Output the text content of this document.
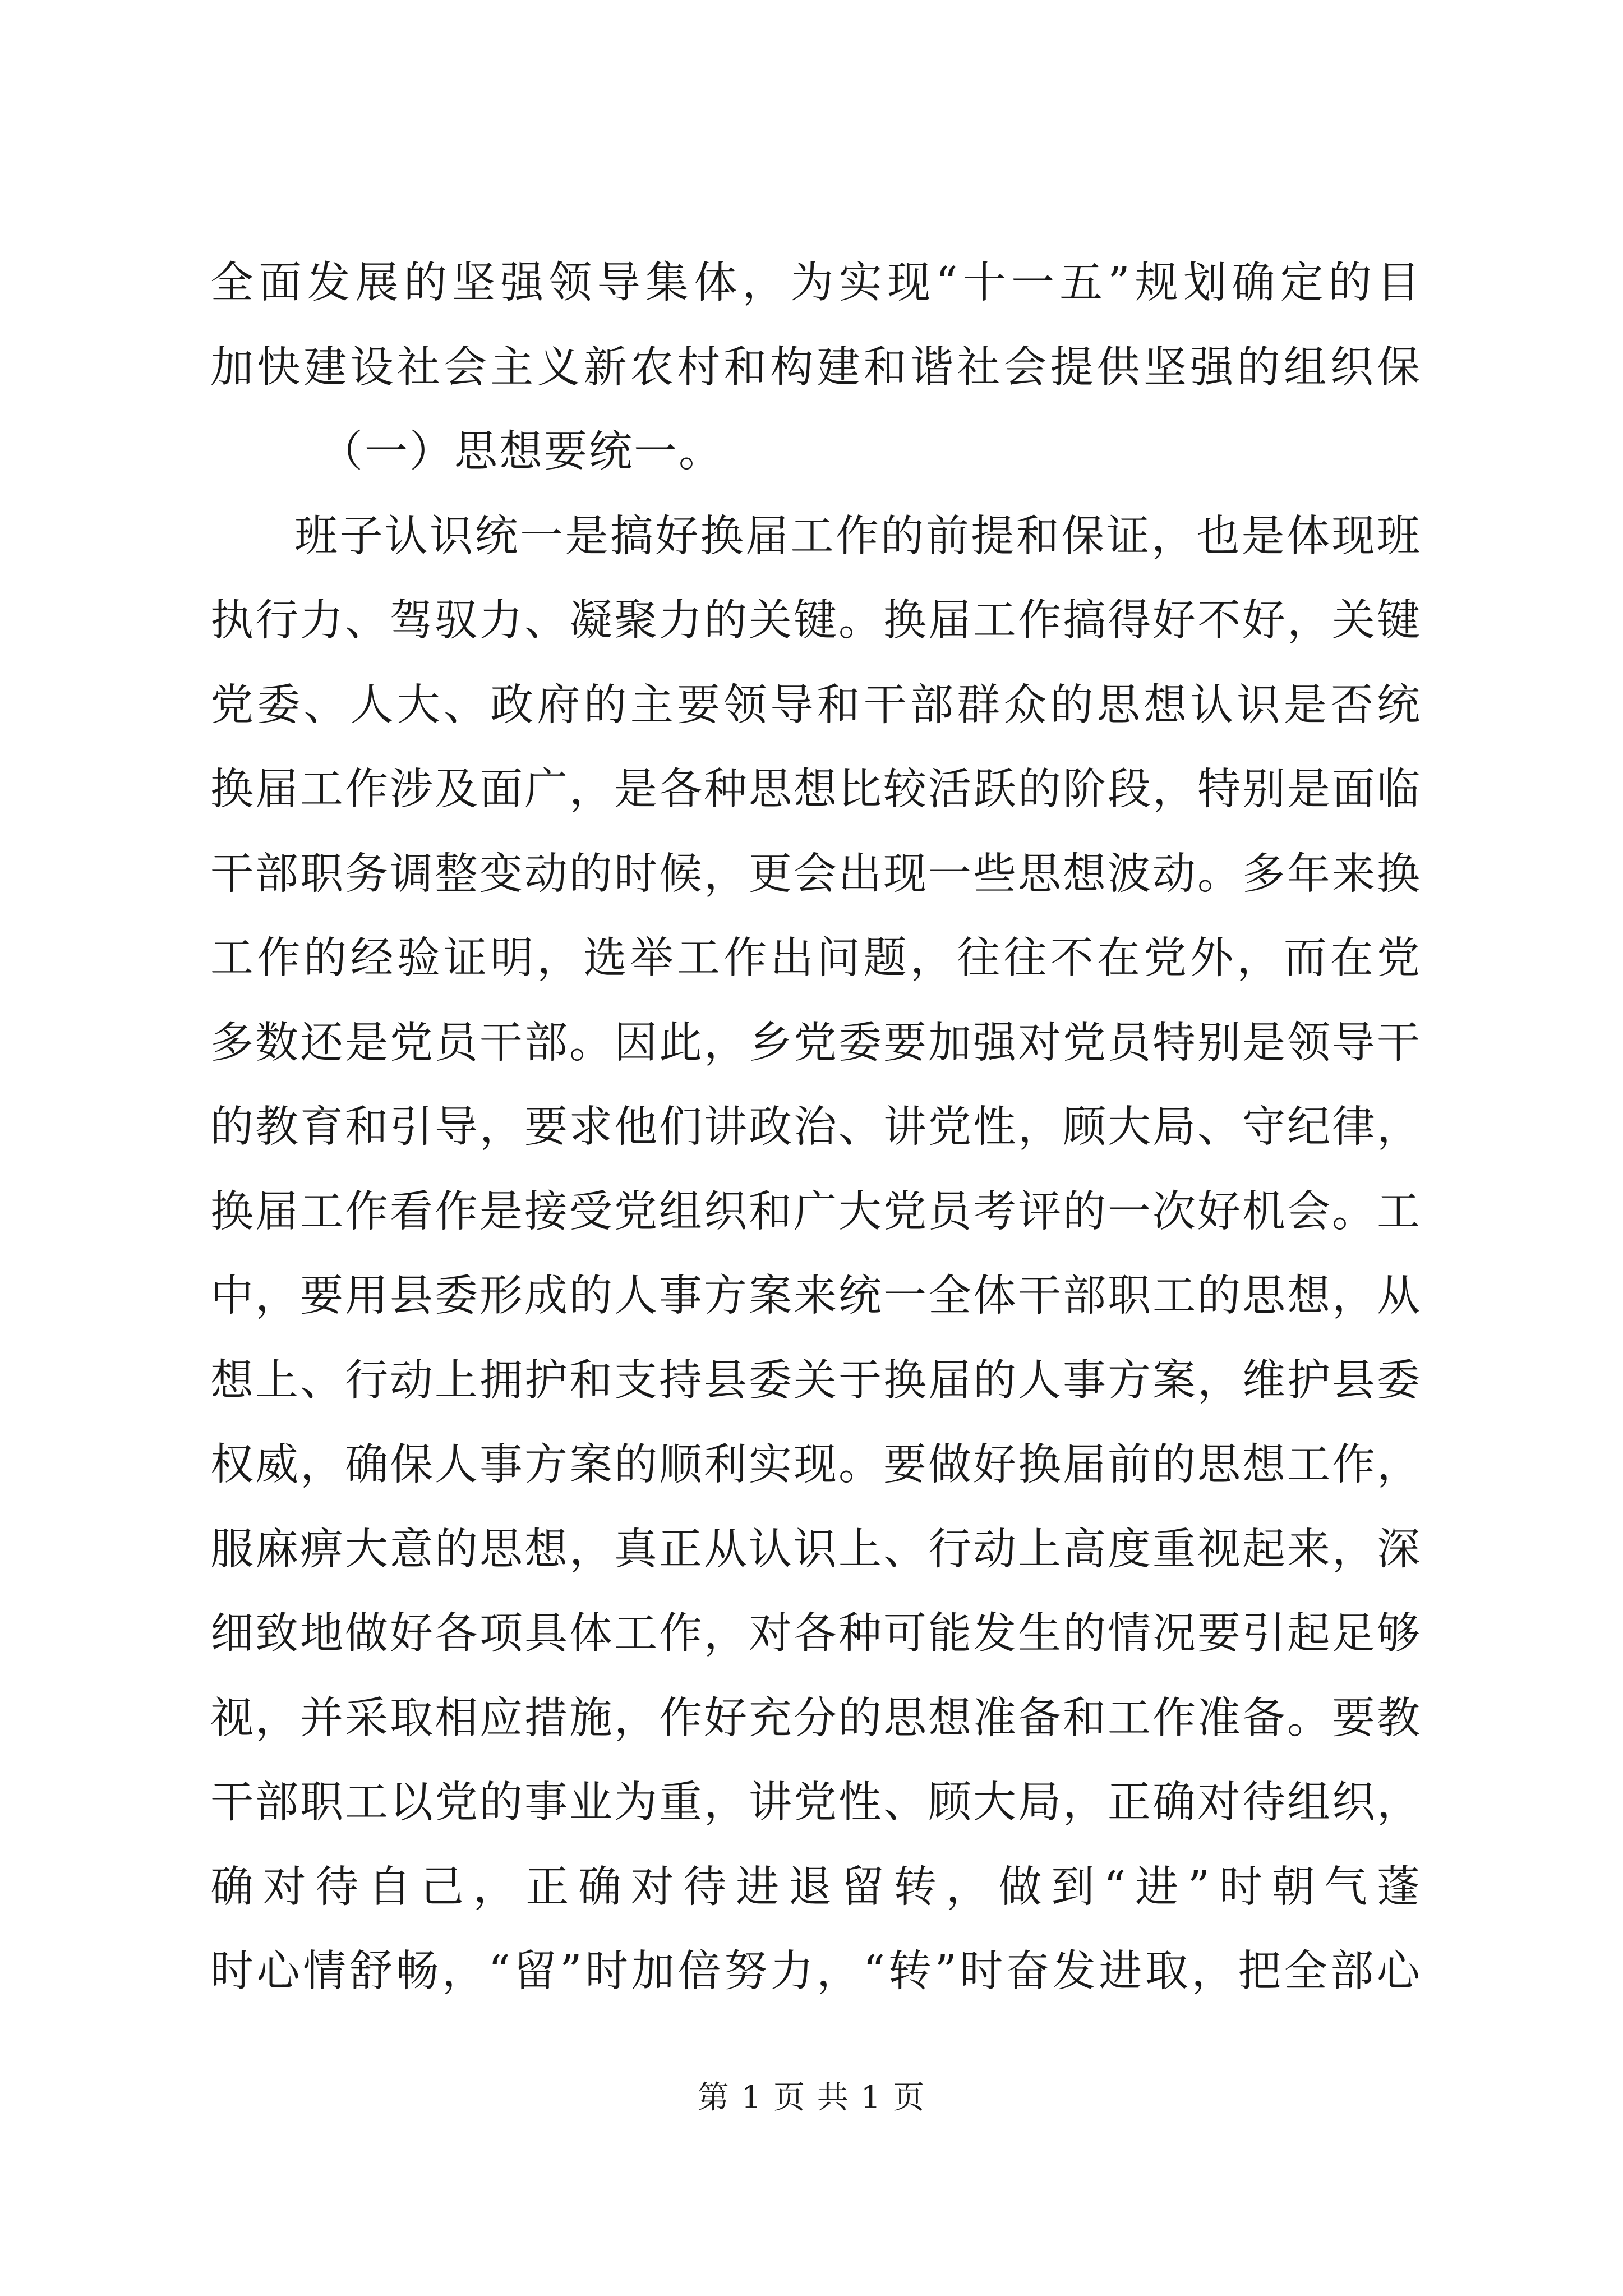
全面发展的坚强领导集体，为实现“十一五”规划确定的目
加快建设社会主义新农村和构建和谐社会提供坚强的组织保
（一）思想要统一。
班子认识统一是搞好换届工作的前提和保证，也是体现班
执行力、驾驭力、凝聚力的关键。换届工作搞得好不好，关键
党委、人大、政府的主要领导和干部群众的思想认识是否统
换届工作涉及面广，是各种思想比较活跃的阶段，特别是面临
干部职务调整变动的时候，更会出现一些思想波动。多年来换
工作的经验证明，选举工作出问题，往往不在党外，而在党
多数还是党员干部。因此，乡党委要加强对党员特别是领导干
的教育和引导，要求他们讲政治、讲党性，顾大局、守纪律，
换届工作看作是接受党组织和广大党员考评的一次好机会。工
中，要用县委形成的人事方案来统一全体干部职工的思想，从
想上、行动上拥护和支持县委关于换届的人事方案，维护县委
权威，确保人事方案的顺利实现。要做好换届前的思想工作，
服麻痹大意的思想，真正从认识上、行动上高度重视起来，深
细致地做好各项具体工作，对各种可能发生的情况要引起足够
视，并采取相应措施，作好充分的思想准备和工作准备。要教
干部职工以党的事业为重，讲党性、顾大局，正确对待组织，
确对待自己，正确对待进退留转，做到“进”时朝气蓬
时心情舒畅，“留”时加倍努力，“转”时奋发进取，把全部心
第 1 页 共 1 页
